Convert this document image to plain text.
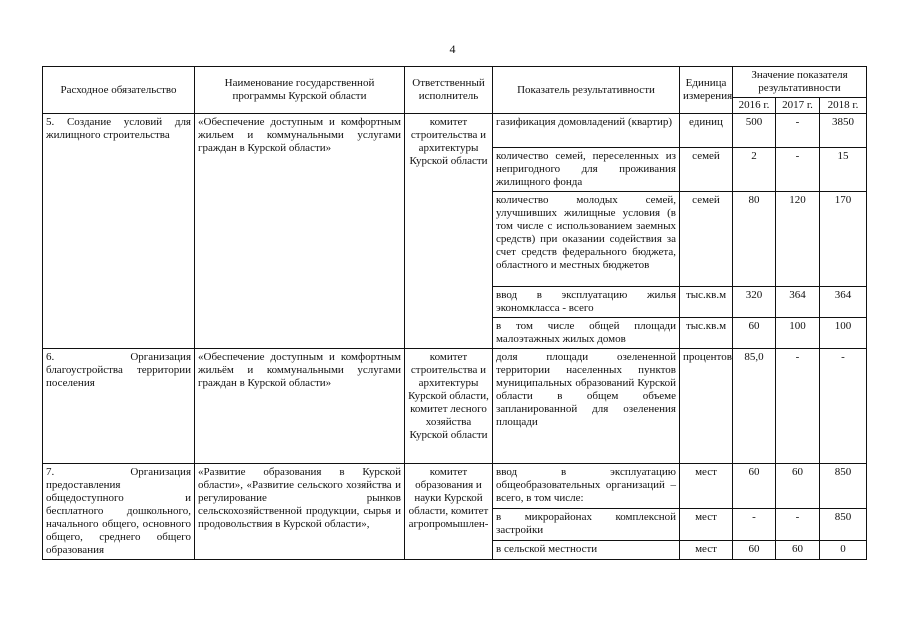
4
Расходное обязательство	Наименование государственной программы Курской области	Ответственный исполнитель	Показатель результативности	Единица измерения	Значение показателя результативности		
					2016 г.	2017 г.	2018 г.
5. Создание условий для жилищного строительства	«Обеспечение доступным и комфортным жильем и коммунальными услугами граждан в Курской области»	комитет строительства и архитектуры Курской области	газификация домовладений (квартир)	единиц	500	-	3850
			количество семей, переселенных из непригодного для проживания жилищного фонда	семей	2	-	15
			количество молодых семей, улучшивших жилищные условия (в том числе с использованием заемных средств) при оказании содействия за счет средств федерального бюджета, областного и местных бюджетов	семей	80	120	170
			ввод в эксплуатацию жилья экономкласса - всего	тыс.кв.м	320	364	364
			в том числе общей площади малоэтажных жилых домов	тыс.кв.м	60	100	100
6. Организация благоустройства территории поселения	«Обеспечение доступным и комфортным жильём и коммунальными услугами граждан в Курской области»	комитет строительства и архитектуры Курской области, комитет лесного хозяйства Курской области	доля площади озелененной территории населенных пунктов муниципальных образований Курской области в общем объеме запланированной для озеленения площади	процентов	85,0	-	-
7. Организация предоставления общедоступного и бесплатного дошкольного, начального общего, основного общего, среднего общего образования	«Развитие образования в Курской области», «Развитие сельского хозяйства и регулирование рынков сельскохозяйственной продукции, сырья и продовольствия в Курской области»,	комитет образования и науки Курской области, комитет агропромышлен-	ввод в эксплуатацию общеобразовательных организаций – всего, в том числе:	мест	60	60	850
			в микрорайонах комплексной застройки	мест	-	-	850
			в сельской местности	мест	60	60	0
